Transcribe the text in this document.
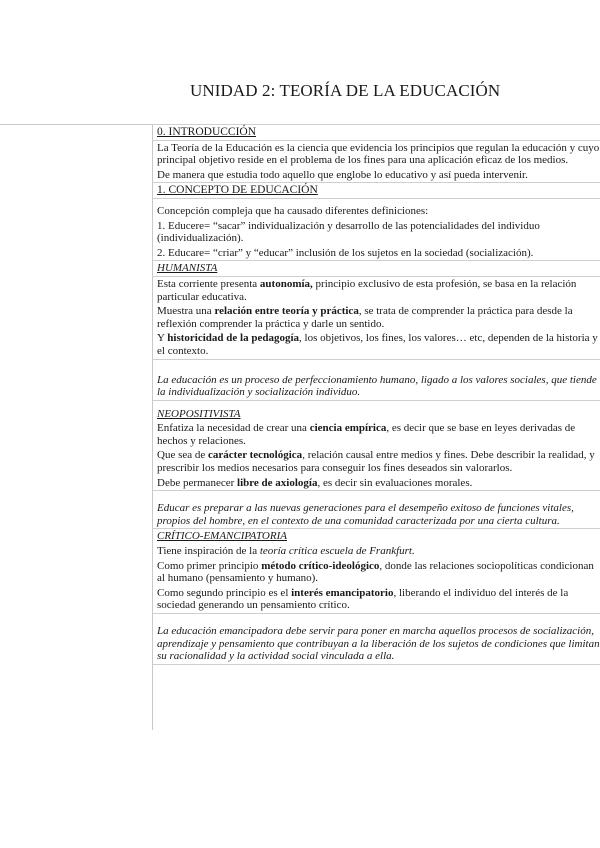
UNIDAD 2: TEORÍA DE LA EDUCACIÓN
0. INTRODUCCIÓN

La Teoría de la Educación es la ciencia que evidencia los principios que regulan la educación y cuyo principal objetivo reside en el problema de los fines para una aplicación eficaz de los medios.

De manera que estudia todo aquello que englobe lo educativo y así pueda intervenir.

1. CONCEPTO DE EDUCACIÓN

Concepción compleja que ha causado diferentes definiciones:

1. Educere= “sacar” individualización y desarrollo de las potencialidades del individuo (individualización).

2. Educare= “criar” y “educar” inclusión de los sujetos en la sociedad (socialización).

HUMANISTA

Esta corriente presenta autonomía, principio exclusivo de esta profesión, se basa en la relación particular educativa.

Muestra una relación entre teoría y práctica, se trata de comprender la práctica para desde la reflexión comprender la práctica y darle un sentido.

Y historicidad de la pedagogía, los objetivos, los fines, los valores… etc, dependen de la historia y el contexto.

La educación es un proceso de perfeccionamiento humano, ligado a los valores sociales, que tiende la individualización y socialización individuo.
NEOPOSITIVISTA

Enfatiza la necesidad de crear una ciencia empírica, es decir que se base en leyes derivadas de hechos y relaciones.

Que sea de carácter tecnológica, relación causal entre medios y fines. Debe describir la realidad, y prescribir los medios necesarios para conseguir los fines deseados sin valorarlos.

Debe permanecer libre de axiología, es decir sin evaluaciones morales.

Educar es preparar a las nuevas generaciones para el desempeño exitoso de funciones vitales, propios del hombre, en el contexto de una comunidad caracterizada por una cierta cultura.
CRÍTICO-EMANCIPATORIA

Tiene inspiración de la teoría crítica escuela de Frankfurt.

Como primer principio método crítico-ideológico, donde las relaciones sociopolíticas condicionan al humano (pensamiento y humano).

Como segundo principio es el interés emancipatorio, liberando el individuo del interés de la sociedad generando un pensamiento crítico.

La educación emancipadora debe servir para poner en marcha aquellos procesos de socialización, aprendizaje y pensamiento que contribuyan a la liberación de los sujetos de condiciones que limitan su racionalidad y la actividad social vinculada a ella.
